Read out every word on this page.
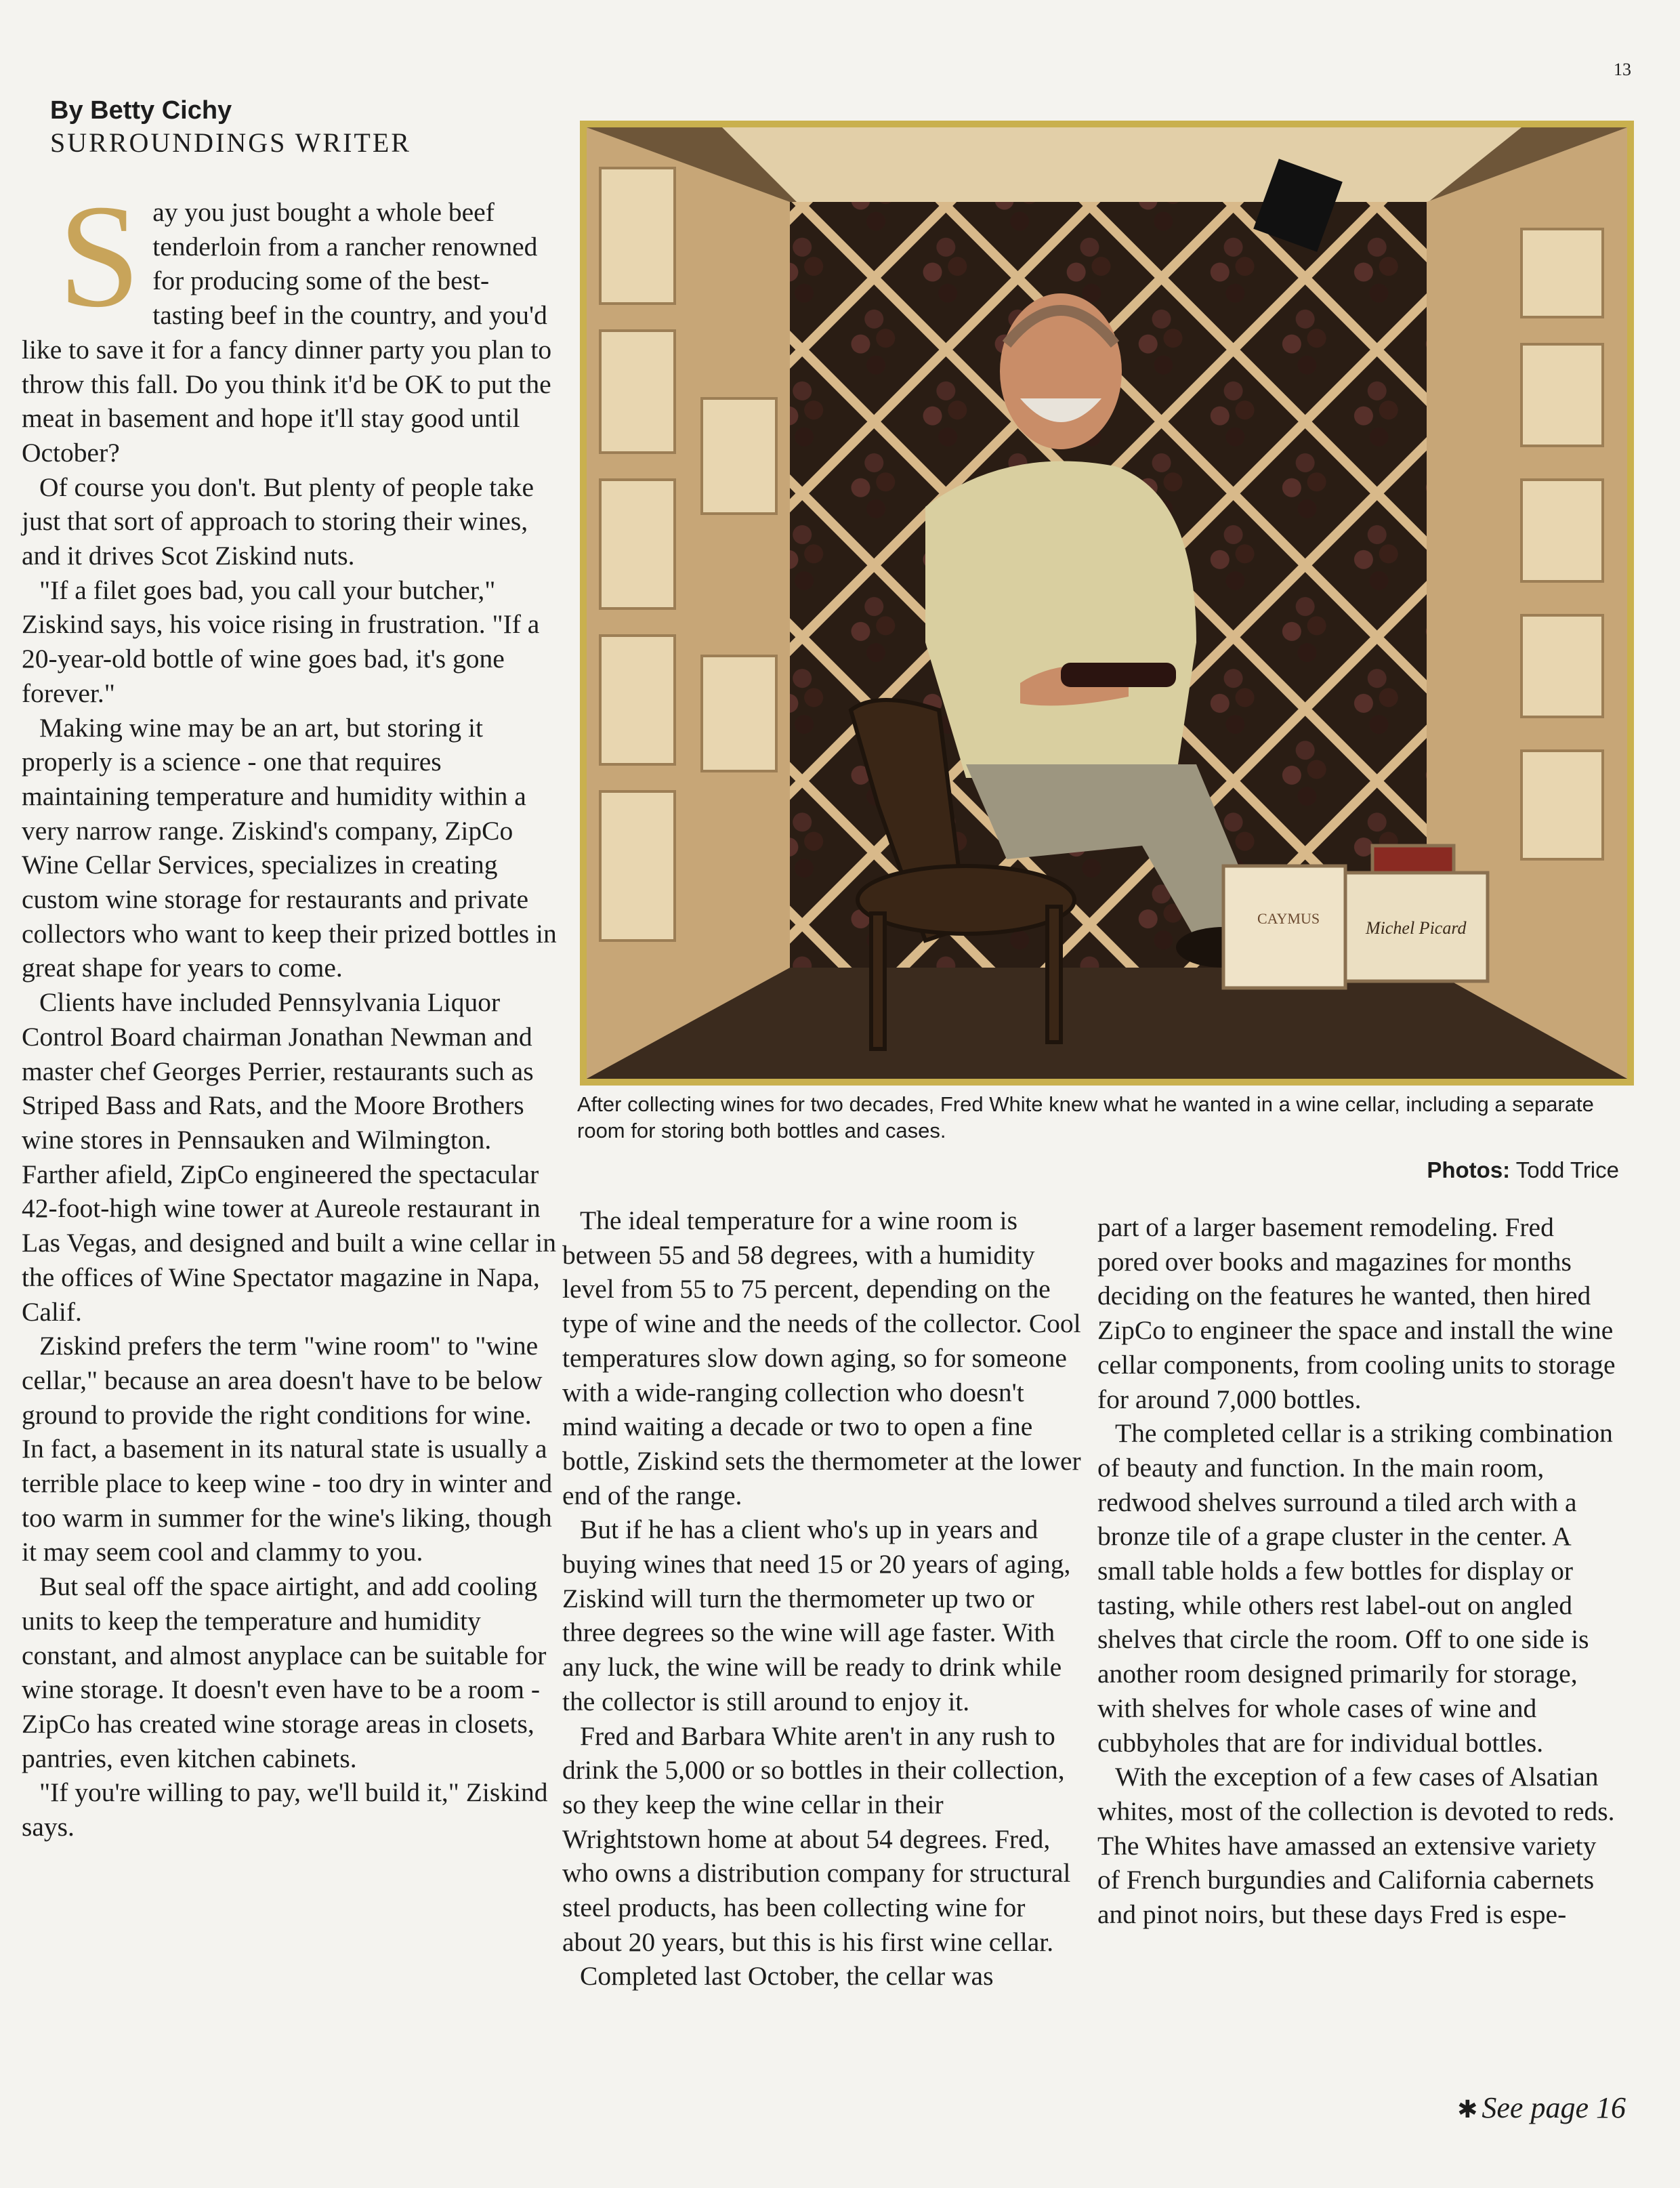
13
By Betty Cichy
SURROUNDINGS WRITER

Say you just bought a whole beef tenderloin from a rancher renowned for producing some of the best-tasting beef in the country, and you'd like to save it for a fancy dinner party you plan to throw this fall. Do you think it'd be OK to put the meat in basement and hope it'll stay good until October?

Of course you don't. But plenty of people take just that sort of approach to storing their wines, and it drives Scot Ziskind nuts.

"If a filet goes bad, you call your butcher," Ziskind says, his voice rising in frustration. "If a 20-year-old bottle of wine goes bad, it's gone forever."

Making wine may be an art, but storing it properly is a science - one that requires maintaining temperature and humidity within a very narrow range. Ziskind's company, ZipCo Wine Cellar Services, specializes in creating custom wine storage for restaurants and private collectors who want to keep their prized bottles in great shape for years to come.

Clients have included Pennsylvania Liquor Control Board chairman Jonathan Newman and master chef Georges Perrier, restaurants such as Striped Bass and Rats, and the Moore Brothers wine stores in Pennsauken and Wilmington. Farther afield, ZipCo engineered the spectacular 42-foot-high wine tower at Aureole restaurant in Las Vegas, and designed and built a wine cellar in the offices of Wine Spectator magazine in Napa, Calif.

Ziskind prefers the term "wine room" to "wine cellar," because an area doesn't have to be below ground to provide the right conditions for wine. In fact, a basement in its natural state is usually a terrible place to keep wine - too dry in winter and too warm in summer for the wine's liking, though it may seem cool and clammy to you.

But seal off the space airtight, and add cooling units to keep the temperature and humidity constant, and almost anyplace can be suitable for wine storage. It doesn't even have to be a room - ZipCo has created wine storage areas in closets, pantries, even kitchen cabinets.

"If you're willing to pay, we'll build it," Ziskind says.

CAYMUS	Michel Picard
After collecting wines for two decades, Fred White knew what he wanted in a wine cellar, including a separate room for storing both bottles and cases.
Photos: Todd Trice

The ideal temperature for a wine room is between 55 and 58 degrees, with a humidity level from 55 to 75 percent, depending on the type of wine and the needs of the collector. Cool temperatures slow down aging, so for someone with a wide-ranging collection who doesn't mind waiting a decade or two to open a fine bottle, Ziskind sets the thermometer at the lower end of the range.

But if he has a client who's up in years and buying wines that need 15 or 20 years of aging, Ziskind will turn the thermometer up two or three degrees so the wine will age faster. With any luck, the wine will be ready to drink while the collector is still around to enjoy it.

Fred and Barbara White aren't in any rush to drink the 5,000 or so bottles in their collection, so they keep the wine cellar in their Wrightstown home at about 54 degrees. Fred, who owns a distribution company for structural steel products, has been collecting wine for about 20 years, but this is his first wine cellar.

Completed last October, the cellar was

part of a larger basement remodeling. Fred pored over books and magazines for months deciding on the features he wanted, then hired ZipCo to engineer the space and install the wine cellar components, from cooling units to storage for around 7,000 bottles.

The completed cellar is a striking combination of beauty and function. In the main room, redwood shelves surround a tiled arch with a bronze tile of a grape cluster in the center. A small table holds a few bottles for display or tasting, while others rest label-out on angled shelves that circle the room. Off to one side is another room designed primarily for storage, with shelves for whole cases of wine and cubbyholes that are for individual bottles.

With the exception of a few cases of Alsatian whites, most of the collection is devoted to reds. The Whites have amassed an extensive variety of French burgundies and California cabernets and pinot noirs, but these days Fred is espe-

✱ See page 16
